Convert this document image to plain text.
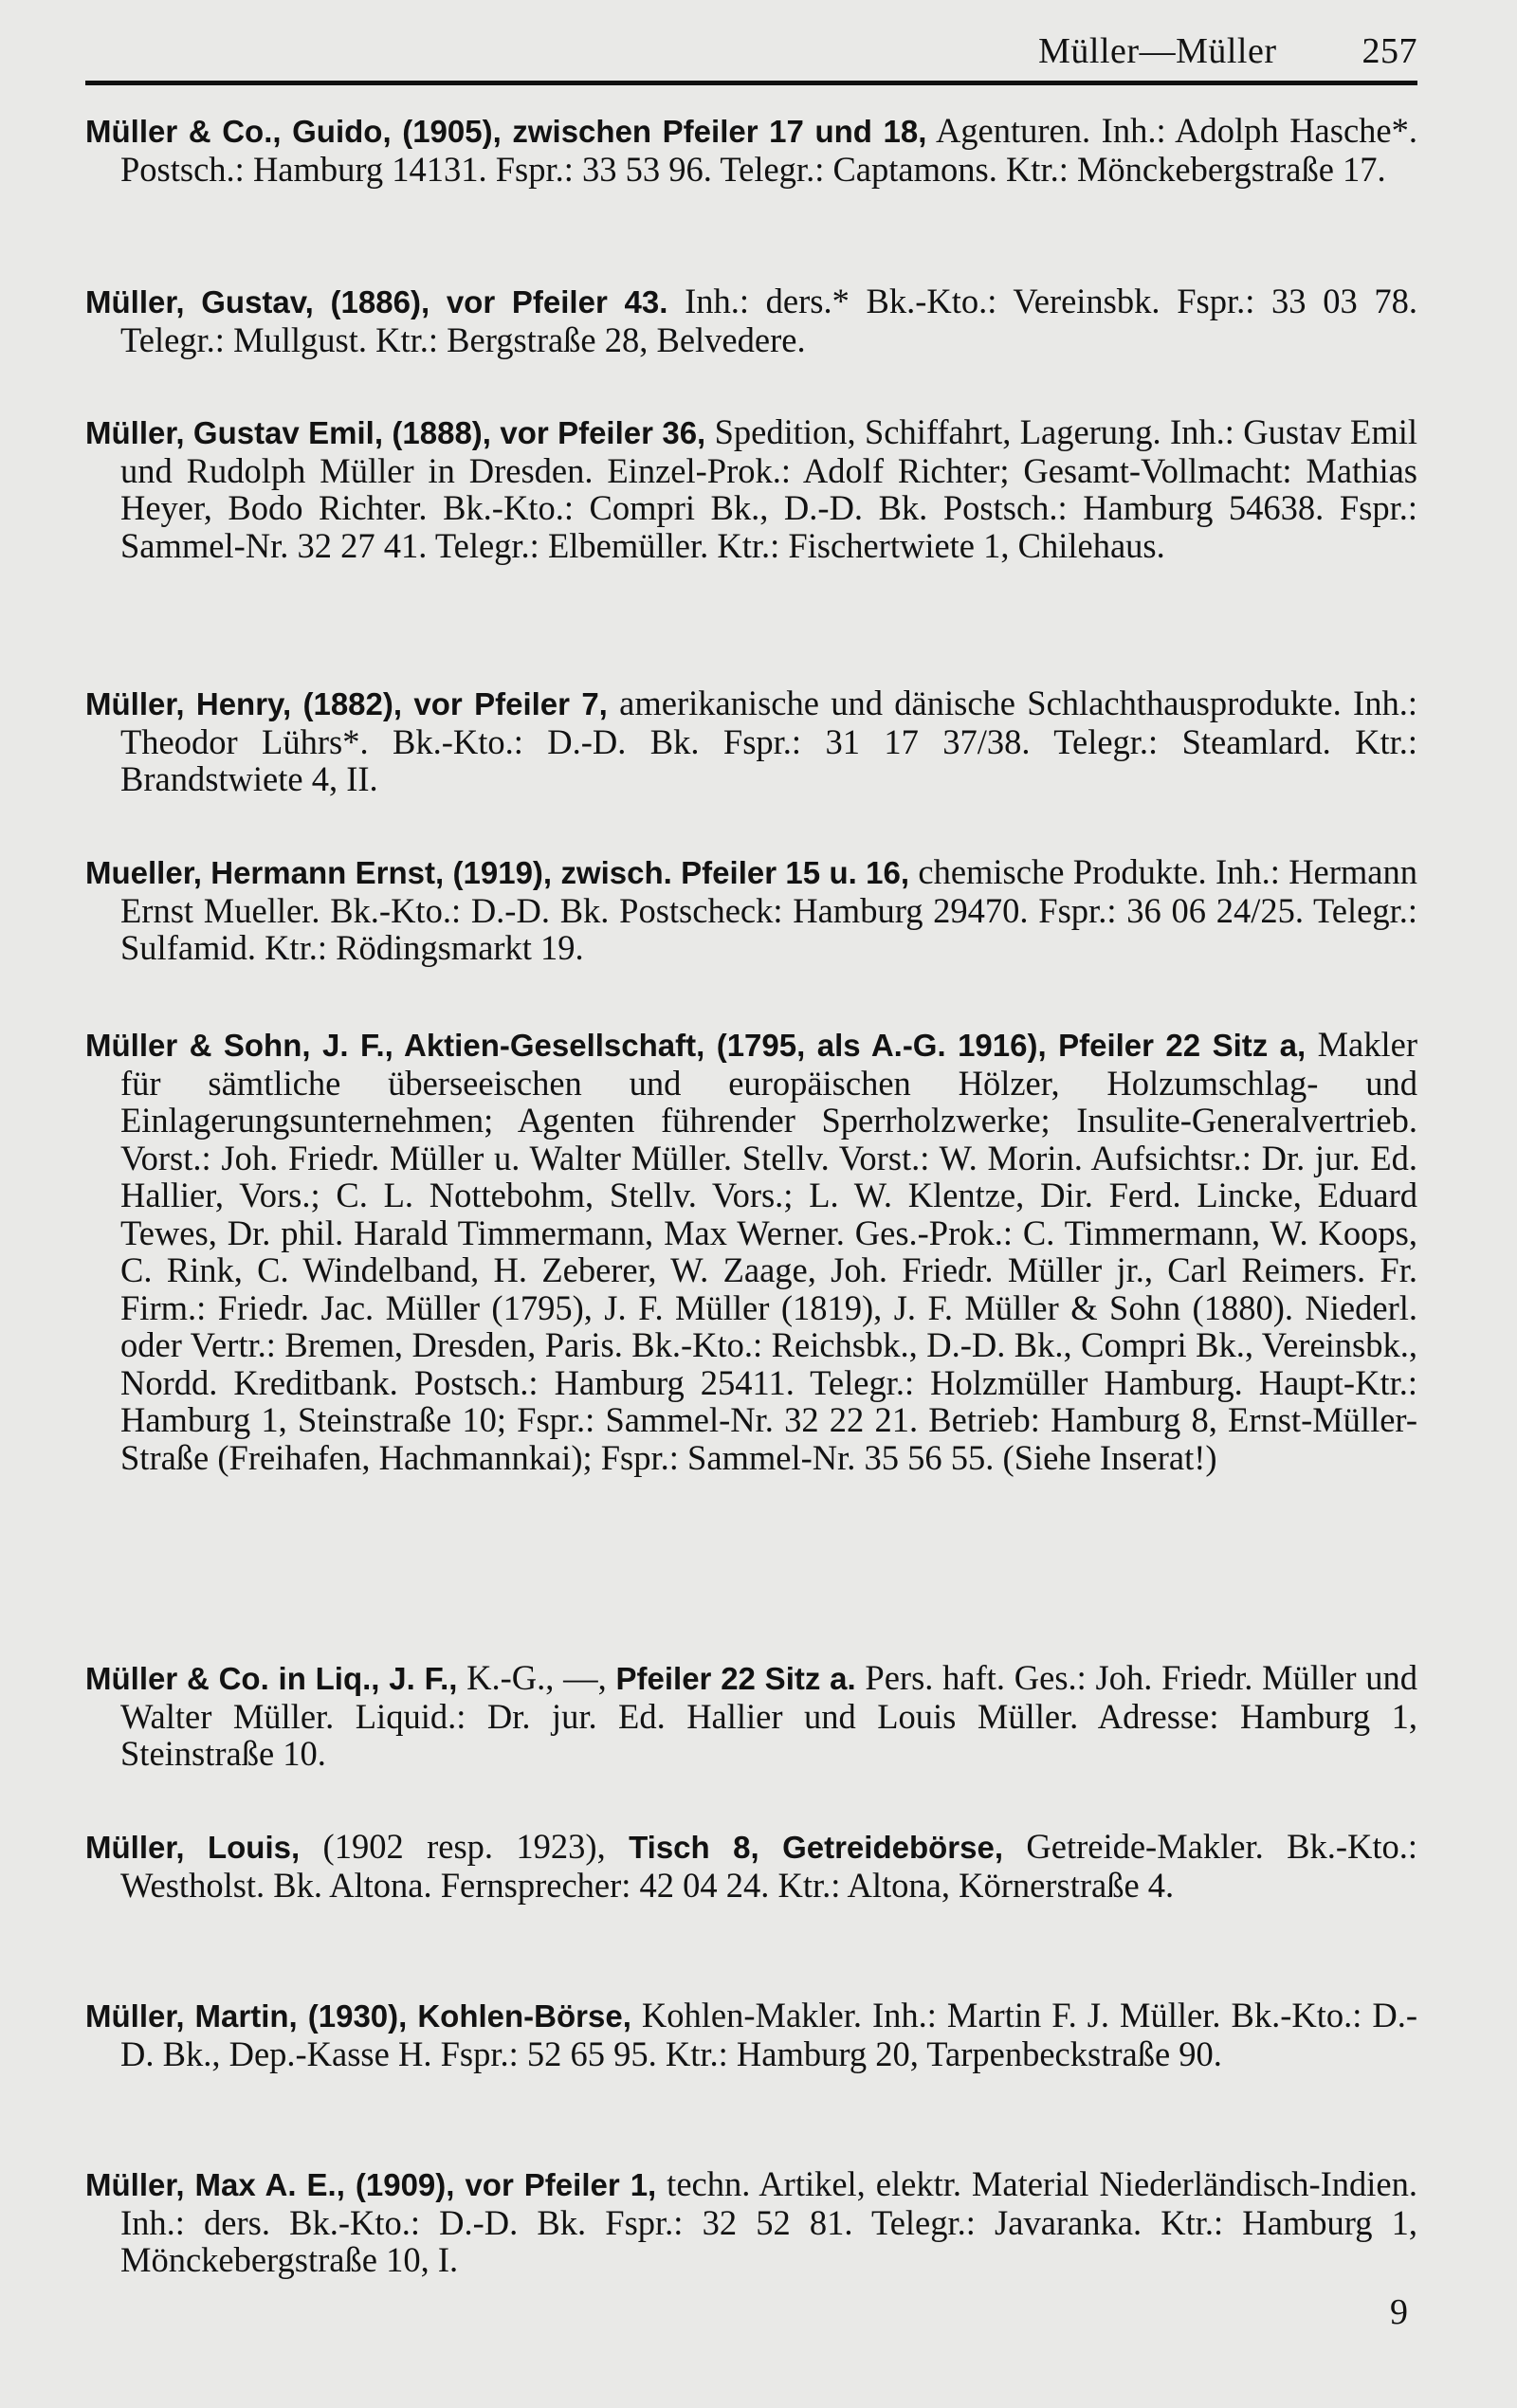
Müller—Müller 257

Müller & Co., Guido, (1905), zwischen Pfeiler 17 und 18, Agenturen. Inh.: Adolph Hasche*. Postsch.: Hamburg 14131. Fspr.: 33 53 96. Telegr.: Captamons. Ktr.: Mönckebergstraße 17.

Müller, Gustav, (1886), vor Pfeiler 43. Inh.: ders.* Bk.-Kto.: Vereinsbk. Fspr.: 33 03 78. Telegr.: Mullgust. Ktr.: Bergstraße 28, Belvedere.

Müller, Gustav Emil, (1888), vor Pfeiler 36, Spedition, Schiffahrt, Lagerung. Inh.: Gustav Emil und Rudolph Müller in Dresden. Einzel-Prok.: Adolf Richter; Gesamt-Vollmacht: Mathias Heyer, Bodo Richter. Bk.-Kto.: Compri Bk., D.-D. Bk. Postsch.: Hamburg 54638. Fspr.: Sammel-Nr. 32 27 41. Telegr.: Elbemüller. Ktr.: Fischertwiete 1, Chilehaus.

Müller, Henry, (1882), vor Pfeiler 7, amerikanische und dänische Schlachthausprodukte. Inh.: Theodor Lührs*. Bk.-Kto.: D.-D. Bk. Fspr.: 31 17 37/38. Telegr.: Steamlard. Ktr.: Brandstwiete 4, II.

Mueller, Hermann Ernst, (1919), zwisch. Pfeiler 15 u. 16, chemische Produkte. Inh.: Hermann Ernst Mueller. Bk.-Kto.: D.-D. Bk. Postscheck: Hamburg 29470. Fspr.: 36 06 24/25. Telegr.: Sulfamid. Ktr.: Rödingsmarkt 19.

Müller & Sohn, J. F., Aktien-Gesellschaft, (1795, als A.-G. 1916), Pfeiler 22 Sitz a, Makler für sämtliche überseeischen und europäischen Hölzer, Holzumschlag- und Einlagerungsunternehmen; Agenten führender Sperrholzwerke; Insulite-Generalvertrieb. Vorst.: Joh. Friedr. Müller u. Walter Müller. Stellv. Vorst.: W. Morin. Aufsichtsr.: Dr. jur. Ed. Hallier, Vors.; C. L. Nottebohm, Stellv. Vors.; L. W. Klentze, Dir. Ferd. Lincke, Eduard Tewes, Dr. phil. Harald Timmermann, Max Werner. Ges.-Prok.: C. Timmermann, W. Koops, C. Rink, C. Windelband, H. Zeberer, W. Zaage, Joh. Friedr. Müller jr., Carl Reimers. Fr. Firm.: Friedr. Jac. Müller (1795), J. F. Müller (1819), J. F. Müller & Sohn (1880). Niederl. oder Vertr.: Bremen, Dresden, Paris. Bk.-Kto.: Reichsbk., D.-D. Bk., Compri Bk., Vereinsbk., Nordd. Kreditbank. Postsch.: Hamburg 25411. Telegr.: Holzmüller Hamburg. Haupt-Ktr.: Hamburg 1, Steinstraße 10; Fspr.: Sammel-Nr. 32 22 21. Betrieb: Hamburg 8, Ernst-Müller-Straße (Freihafen, Hachmannkai); Fspr.: Sammel-Nr. 35 56 55. (Siehe Inserat!)

Müller & Co. in Liq., J. F., K.-G., —, Pfeiler 22 Sitz a. Pers. haft. Ges.: Joh. Friedr. Müller und Walter Müller. Liquid.: Dr. jur. Ed. Hallier und Louis Müller. Adresse: Hamburg 1, Steinstraße 10.

Müller, Louis, (1902 resp. 1923), Tisch 8, Getreidebörse, Getreide-Makler. Bk.-Kto.: Westholst. Bk. Altona. Fernsprecher: 42 04 24. Ktr.: Altona, Körnerstraße 4.

Müller, Martin, (1930), Kohlen-Börse, Kohlen-Makler. Inh.: Martin F. J. Müller. Bk.-Kto.: D.-D. Bk., Dep.-Kasse H. Fspr.: 52 65 95. Ktr.: Hamburg 20, Tarpenbeckstraße 90.

Müller, Max A. E., (1909), vor Pfeiler 1, techn. Artikel, elektr. Material Niederländisch-Indien. Inh.: ders. Bk.-Kto.: D.-D. Bk. Fspr.: 32 52 81. Telegr.: Javaranka. Ktr.: Hamburg 1, Mönckebergstraße 10, I.

9
